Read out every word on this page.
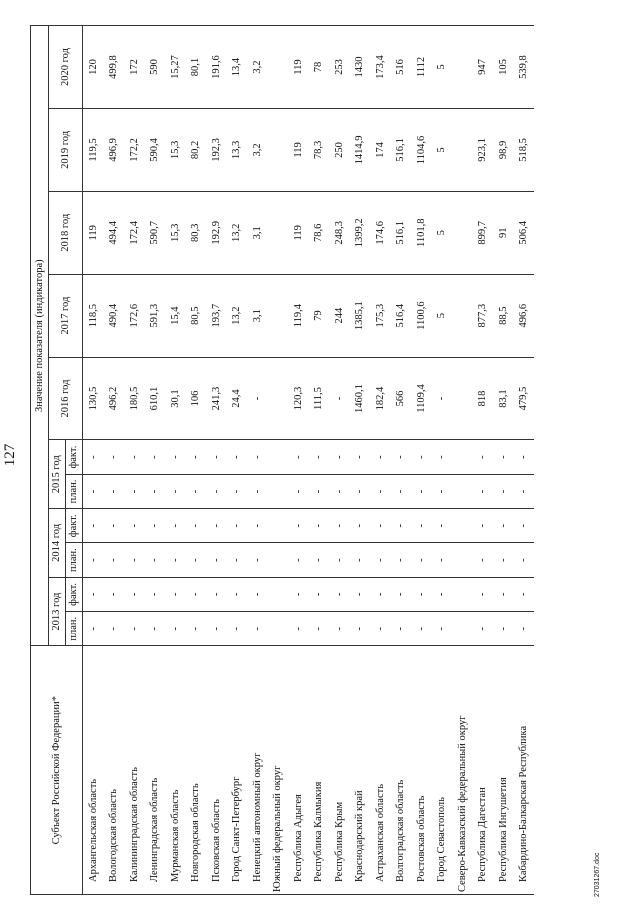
127
Субъект Российской Федерации*	Значение показателя (индикатора)										
	2013 год		2014 год		2015 год		2016 год	2017 год	2018 год	2019 год	2020 год
	план.	факт.	план.	факт.	план.	факт.					
Архангельская область	-	-	-	-	-	-	130,5	118,5	119	119,5	120
Вологодская область	-	-	-	-	-	-	496,2	490,4	494,4	496,9	499,8
Калининградская область	-	-	-	-	-	-	180,5	172,6	172,4	172,2	172
Ленинградская область	-	-	-	-	-	-	610,1	591,3	590,7	590,4	590
Мурманская область	-	-	-	-	-	-	30,1	15,4	15,3	15,3	15,27
Новгородская область	-	-	-	-	-	-	106	80,5	80,3	80,2	80,1
Псковская область	-	-	-	-	-	-	241,3	193,7	192,9	192,3	191,6
Город Санкт-Петербург	-	-	-	-	-	-	24,4	13,2	13,2	13,3	13,4
Ненецкий автономный округ	-	-	-	-	-	-	-	3,1	3,1	3,2	3,2
Южный федеральный округ											
Республика Адыгея	-	-	-	-	-	-	120,3	119,4	119	119	119
Республика Калмыкия	-	-	-	-	-	-	111,5	79	78,6	78,3	78
Республика Крым	-	-	-	-	-	-	-	244	248,3	250	253
Краснодарский край	-	-	-	-	-	-	1460,1	1385,1	1399,2	1414,9	1430
Астраханская область	-	-	-	-	-	-	182,4	175,3	174,6	174	173,4
Волгоградская область	-	-	-	-	-	-	566	516,4	516,1	516,1	516
Ростовская область	-	-	-	-	-	-	1109,4	1100,6	1101,8	1104,6	1112
Город Севастополь	-	-	-	-	-	-	-	5	5	5	5
Северо-Кавказский федеральный округ											
Республика Дагестан	-	-	-	-	-	-	818	877,3	899,7	923,1	947
Республика Ингушетия	-	-	-	-	-	-	83,1	88,5	91	98,9	105
Кабардино-Балкарская Республика	-	-	-	-	-	-	479,5	496,6	506,4	518,5	539,8
27031267.doc
